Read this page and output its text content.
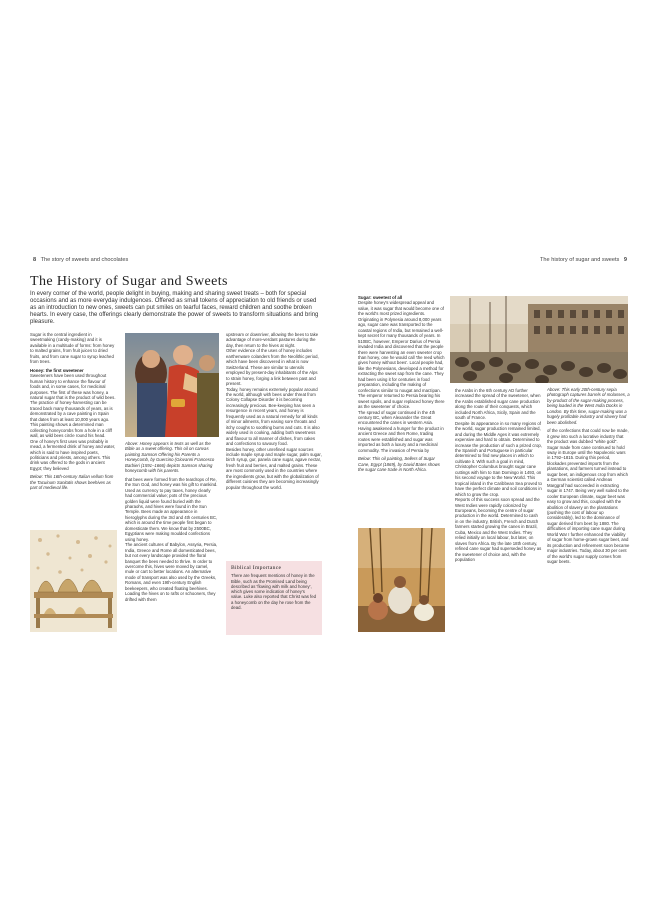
8 The story of sweets and chocolates	The history of sugar and sweets 9
The History of Sugar and Sweets
In every corner of the world, people delight in buying, making and sharing sweet treats – both for special occasions and as more everyday indulgences. Offered as small tokens of appreciation to old friends or used as an introduction to new ones, sweets can put smiles on tearful faces, reward children and soothe broken hearts. In every case, the offerings clearly demonstrate the power of sweets to transform situations and bring pleasure.

Sugar is the central ingredient in sweetmaking (candy-making) and it is available in a multitude of forms: from honey to malted grains, from fruit juices to dried fruits, and from cane sugar to syrup leached from trees.

Honey: the first sweetener

Sweeteners have been used throughout human history to enhance the flavour of foods and, in some cases, for medicinal purposes. The first of these was honey, a natural sugar that is the product of wild bees. The practice of honey-harvesting can be traced back many thousands of years, as is demonstrated by a cave painting in Spain that dates from at least 10,000 years ago. This painting shows a determined man collecting honeycombs from a hole in a cliff wall, as wild bees circle round his head.

One of honey's first uses was probably in mead, a fermented drink of honey and water, which is said to have inspired poets, politicians and priests, among others. This drink was offered to the gods in ancient Egypt; they believed

Below: This 16th-century Italian vellum from the Tacuinum Sanitatis shows beehives as part of medieval life.

Above: Honey appears in texts as well as the Bible as a sweet offering. This oil on canvas painting Samson Offering his Parents a Honeycomb, by Guercino (Giovanni Francesco Barbieri (1591–1666) depicts Samson sharing honeycomb with his parents.

that bees were formed from the teardrops of Re, the Sun God, and honey was his gift to mankind. Used as currency to pay taxes, honey clearly had commercial value; pots of the precious golden liquid were found buried with the pharaohs, and hives were found in the Sun Temple. Bees made an appearance in hieroglyphs during the 3rd and 4th centuries BC, which is around the time people first began to domesticate them. We know that by 2500BC, Egyptians were making moulded confections using honey.

The ancient cultures of Babylon, Assyria, Persia, India, Greece and Rome all domesticated bees, but not every landscape provided the floral banquet the bees needed to thrive. In order to overcome this, hives were moved by camel, mule or cart to better locations. An alternative mode of transport was also used by the Greeks, Romans, and even 19th-century English beekeepers, who created floating beehives. Loading the hives on to rafts or schooners, they drifted with them

upstream or downriver, allowing the bees to take advantage of more-verdant pastures during the day, then return to the hives at night.

Other evidence of the uses of honey includes earthenware colanders from the Neolithic period, which have been discovered in what is now Switzerland. These are similar to utensils employed by present-day inhabitants of the Alps to strain honey, forging a link between past and present.

Today, honey remains extremely popular around the world, although with bees under threat from Colony Collapse Disorder it is becoming increasingly precious. Bee-keeping has seen a resurgence in recent years, and honey is frequently used as a natural remedy for all kinds of minor ailments, from easing sore throats and itchy coughs to soothing burns and cuts. It is also widely used in cooking, adding both sweetness and flavour to all manner of dishes, from cakes and confections to savoury food.

Besides honey, other unrefined sugar sources include maple syrup and maple sugar, palm sugar, birch syrup, gur, panela cane sugar, agave nectar, fresh fruit and berries, and malted grains. These are most commonly used in the countries where the ingredients grow, but with the globalization of different cuisines they are becoming increasingly popular throughout the world.

Biblical Importance
There are frequent mentions of honey in the Bible, such as the Promised Land being described as 'flowing with milk and honey', which gives some indication of honey's value. Luke also reported that Christ was fed a honeycomb on the day he rose from the dead.

Sugar: sweetest of all

Despite honey's widespread appeal and value, it was sugar that would become one of the world's most prized ingredients. Originating in Polynesia around 8,000 years ago, sugar cane was transported to the coastal regions of India, but remained a well-kept secret for many thousands of years. In 510BC, however, Emperor Darius of Persia invaded India and discovered that the people there were harvesting an even sweeter crop than honey, one he would call 'the reed which gives honey without bees'. Local people had, like the Polynesians, developed a method for extracting the sweet sap from the cane. They had been using it for centuries in food preparation, including the making of confections similar to nougat and marzipan. The emperor returned to Persia bearing his sweet spoils, and sugar replaced honey there as the sweetener of choice.

The spread of sugar continued in the 4th century BC, when Alexander the Great encountered the canes in western Asia. Having awakened a hunger for the product in ancient Greece and then Rome, trading routes were established and sugar was imported as both a luxury and a medicinal commodity. The invasion of Persia by

Below: This oil painting, Sellers of Sugar Cane, Egypt (1869), by David Bates shows the sugar cane trade in North Africa.

the Arabs in the 6th century AD further increased the spread of the sweetener, when the Arabs established sugar cane production along the route of their conquests, which included North Africa, Sicily, Spain and the south of France.

Despite its appearance in so many regions of the world, sugar production remained limited, and during the Middle Ages it was extremely expensive and hard to obtain. Determined to increase the production of such a prized crop, the Spanish and Portuguese in particular determined to find new places in which to cultivate it. With such a goal in mind, Christopher Columbus brought sugar cane cuttings with him to San Domingo in 1493, on his second voyage to the New World. This tropical island in the Caribbean Sea proved to have the perfect climate and soil conditions in which to grow the crop.

Reports of this success soon spread and the West Indies were rapidly colonized by Europeans, becoming the centre of sugar production in the world. Determined to cash in on the industry, British, French and Dutch farmers started growing the canes in Brazil, Cuba, Mexico and the West Indies. They relied initially on local labour, but later, on slaves from Africa. By the late 18th century, refined cane sugar had superseded honey as the sweetener of choice and, with the population

Above: This early 20th-century sepia photograph captures barrels of molasses, a by-product of the sugar-making process, being loaded in the West India Docks in London. By this time, sugar-making was a hugely profitable industry and slavery had been abolished.

of the confections that could now be made, it grew into such a lucrative industry that the product was dubbed "white gold".

Sugar made from cane continued to hold sway in Europe until the Napoleonic wars in 1792–1815. During this period, blockades prevented imports from the plantations, and farmers turned instead to sugar beet, an indigenous crop from which a German scientist called Andreas Marggraf had succeeded in extracting sugar in 1747. Being very well suited to the cooler European climate, sugar beet was easy to grow and this, coupled with the abolition of slavery on the plantations (pushing the cost of labour up considerably), led to the dominance of sugar derived from beet by 1880. The difficulties of importing cane sugar during World War I further enhanced the viability of sugar from home-grown sugar beet, and its production and refinement soon became major industries. Today, about 30 per cent of the world's sugar supply comes from sugar beets.
